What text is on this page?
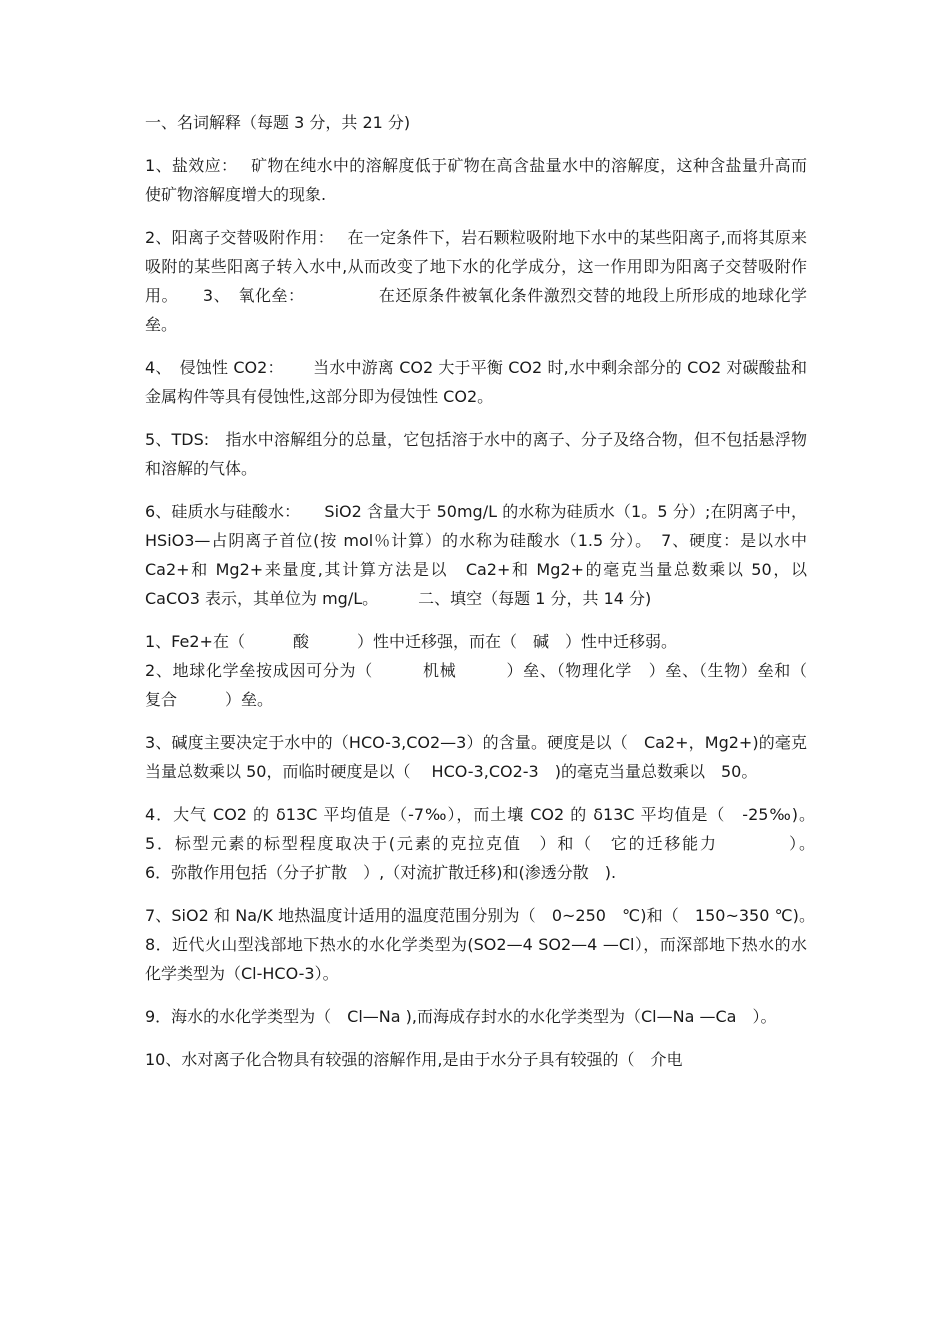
一、名词解释（每题 3 分，共 21 分)

1、盐效应：　 矿物在纯水中的溶解度低于矿物在高含盐量水中的溶解度，这种含盐量升高而使矿物溶解度增大的现象.

2、阳离子交替吸附作用：　 在一定条件下，岩石颗粒吸附地下水中的某些阳离子,而将其原来吸附的某些阳离子转入水中,从而改变了地下水的化学成分，这一作用即为阳离子交替吸附作用。　　3、　氧化垒：　　　　　在还原条件被氧化条件激烈交替的地段上所形成的地球化学垒。

4、　侵蚀性 CO2：　　 当水中游离 CO2 大于平衡 CO2 时,水中剩余部分的 CO2 对碳酸盐和金属构件等具有侵蚀性,这部分即为侵蚀性 CO2。

5、TDS:　指水中溶解组分的总量，它包括溶于水中的离子、分子及络合物，但不包括悬浮物和溶解的气体。

6、硅质水与硅酸水：　　SiO2 含量大于 50mg/L 的水称为硅质水（1。5 分）;在阴离子中，HSiO3—占阴离子首位(按 mol％计算）的水称为硅酸水（1.5 分）。　7、硬度：是以水中 Ca2+和 Mg2+来量度,其计算方法是以　Ca2+和 Mg2+的毫克当量总数乘以 50，以 CaCO3 表示，其单位为 mg/L。　　　二、填空（每题 1 分，共 14 分)

1、Fe2+在（　　　酸　　　）性中迁移强，而在（　碱　）性中迁移弱。

2、地球化学垒按成因可分为（　　　机械　　　）垒、（物理化学　）垒、（生物）垒和（　复合　　　）垒。

3、碱度主要决定于水中的（HCO-3,CO2—3）的含量。硬度是以（　Ca2+，Mg2+)的毫克当量总数乘以 50，而临时硬度是以（　 HCO-3,CO2-3　)的毫克当量总数乘以　50。

4．大气 CO2 的 δ13C 平均值是（-7‰），而土壤 CO2 的 δ13C 平均值是（　-25‰)。　　　5．标型元素的标型程度取决于(元素的克拉克值　）和（　它的迁移能力　　　　）。　　　6．弥散作用包括（分子扩散　）,（对流扩散迁移)和(渗透分散　).

7、SiO2 和 Na/K 地热温度计适用的温度范围分别为（　0~250　℃)和（　150~350 ℃)。　　　8．近代火山型浅部地下热水的水化学类型为(SO2—4 SO2—4 —Cl），而深部地下热水的水化学类型为（Cl-HCO-3）。

9．海水的水化学类型为（　Cl—Na ),而海成存封水的水化学类型为（Cl—Na —Ca　）。

10、水对离子化合物具有较强的溶解作用,是由于水分子具有较强的（　介电
